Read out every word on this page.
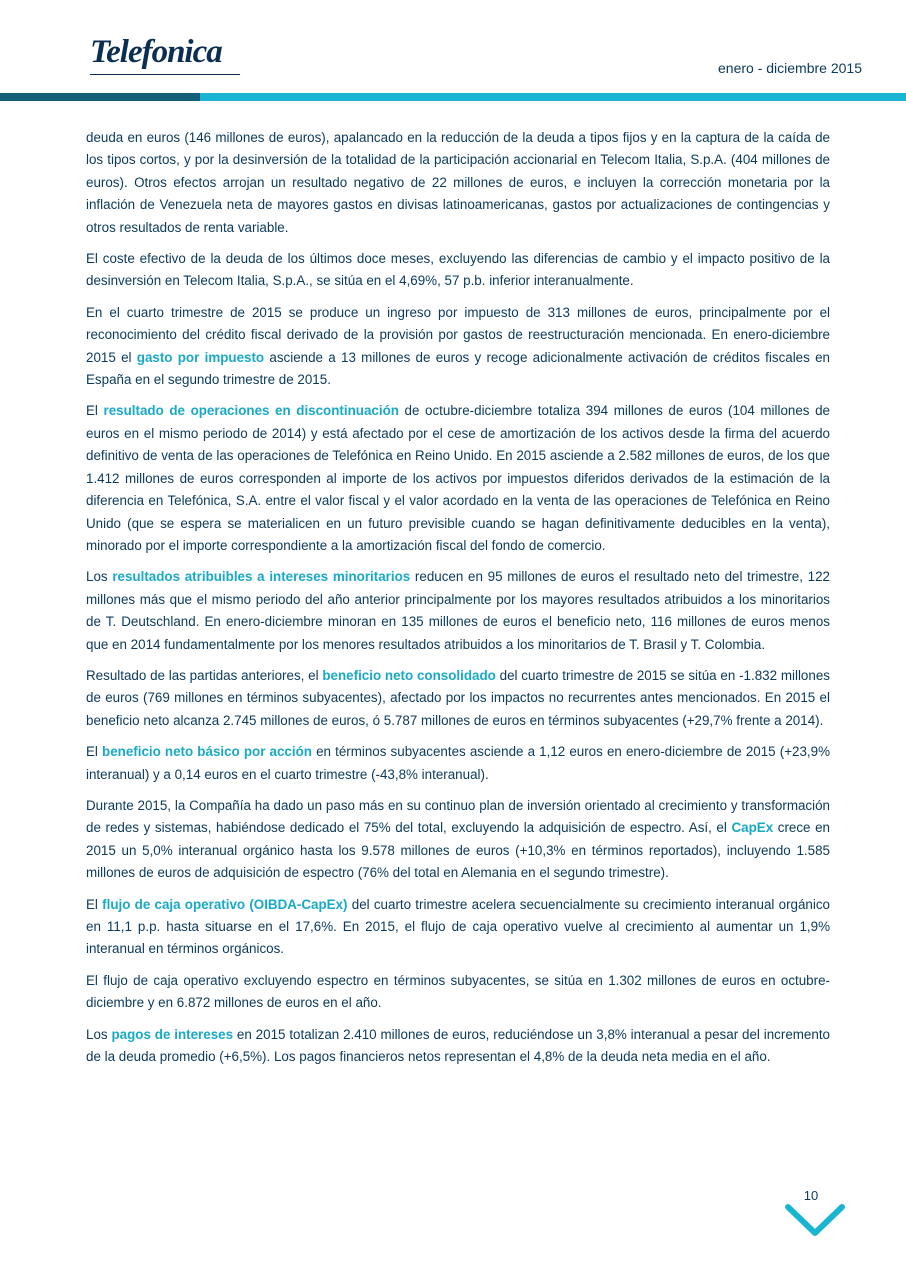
Telefonica	enero - diciembre 2015

deuda en euros (146 millones de euros), apalancado en la reducción de la deuda a tipos fijos y en la captura de la caída de los tipos cortos, y por la desinversión de la totalidad de la participación accionarial en Telecom Italia, S.p.A. (404 millones de euros). Otros efectos arrojan un resultado negativo de 22 millones de euros, e incluyen la corrección monetaria por la inflación de Venezuela neta de mayores gastos en divisas latinoamericanas, gastos por actualizaciones de contingencias y otros resultados de renta variable.

El coste efectivo de la deuda de los últimos doce meses, excluyendo las diferencias de cambio y el impacto positivo de la desinversión en Telecom Italia, S.p.A., se sitúa en el 4,69%, 57 p.b. inferior interanualmente.

En el cuarto trimestre de 2015 se produce un ingreso por impuesto de 313 millones de euros, principalmente por el reconocimiento del crédito fiscal derivado de la provisión por gastos de reestructuración mencionada. En enero-diciembre 2015 el gasto por impuesto asciende a 13 millones de euros y recoge adicionalmente activación de créditos fiscales en España en el segundo trimestre de 2015.

El resultado de operaciones en discontinuación de octubre-diciembre totaliza 394 millones de euros (104 millones de euros en el mismo periodo de 2014) y está afectado por el cese de amortización de los activos desde la firma del acuerdo definitivo de venta de las operaciones de Telefónica en Reino Unido. En 2015 asciende a 2.582 millones de euros, de los que 1.412 millones de euros corresponden al importe de los activos por impuestos diferidos derivados de la estimación de la diferencia en Telefónica, S.A. entre el valor fiscal y el valor acordado en la venta de las operaciones de Telefónica en Reino Unido (que se espera se materialicen en un futuro previsible cuando se hagan definitivamente deducibles en la venta), minorado por el importe correspondiente a la amortización fiscal del fondo de comercio.

Los resultados atribuibles a intereses minoritarios reducen en 95 millones de euros el resultado neto del trimestre, 122 millones más que el mismo periodo del año anterior principalmente por los mayores resultados atribuidos a los minoritarios de T. Deutschland. En enero-diciembre minoran en 135 millones de euros el beneficio neto, 116 millones de euros menos que en 2014 fundamentalmente por los menores resultados atribuidos a los minoritarios de T. Brasil y T. Colombia.

Resultado de las partidas anteriores, el beneficio neto consolidado del cuarto trimestre de 2015 se sitúa en -1.832 millones de euros (769 millones en términos subyacentes), afectado por los impactos no recurrentes antes mencionados. En 2015 el beneficio neto alcanza 2.745 millones de euros, ó 5.787 millones de euros en términos subyacentes (+29,7% frente a 2014).

El beneficio neto básico por acción en términos subyacentes asciende a 1,12 euros en enero-diciembre de 2015 (+23,9% interanual) y a 0,14 euros en el cuarto trimestre (-43,8% interanual).

Durante 2015, la Compañía ha dado un paso más en su continuo plan de inversión orientado al crecimiento y transformación de redes y sistemas, habiéndose dedicado el 75% del total, excluyendo la adquisición de espectro. Así, el CapEx crece en 2015 un 5,0% interanual orgánico hasta los 9.578 millones de euros (+10,3% en términos reportados), incluyendo 1.585 millones de euros de adquisición de espectro (76% del total en Alemania en el segundo trimestre).

El flujo de caja operativo (OIBDA-CapEx) del cuarto trimestre acelera secuencialmente su crecimiento interanual orgánico en 11,1 p.p. hasta situarse en el 17,6%. En 2015, el flujo de caja operativo vuelve al crecimiento al aumentar un 1,9% interanual en términos orgánicos.

El flujo de caja operativo excluyendo espectro en términos subyacentes, se sitúa en 1.302 millones de euros en octubre-diciembre y en 6.872 millones de euros en el año.

Los pagos de intereses en 2015 totalizan 2.410 millones de euros, reduciéndose un 3,8% interanual a pesar del incremento de la deuda promedio (+6,5%). Los pagos financieros netos representan el 4,8% de la deuda neta media en el año.

10
